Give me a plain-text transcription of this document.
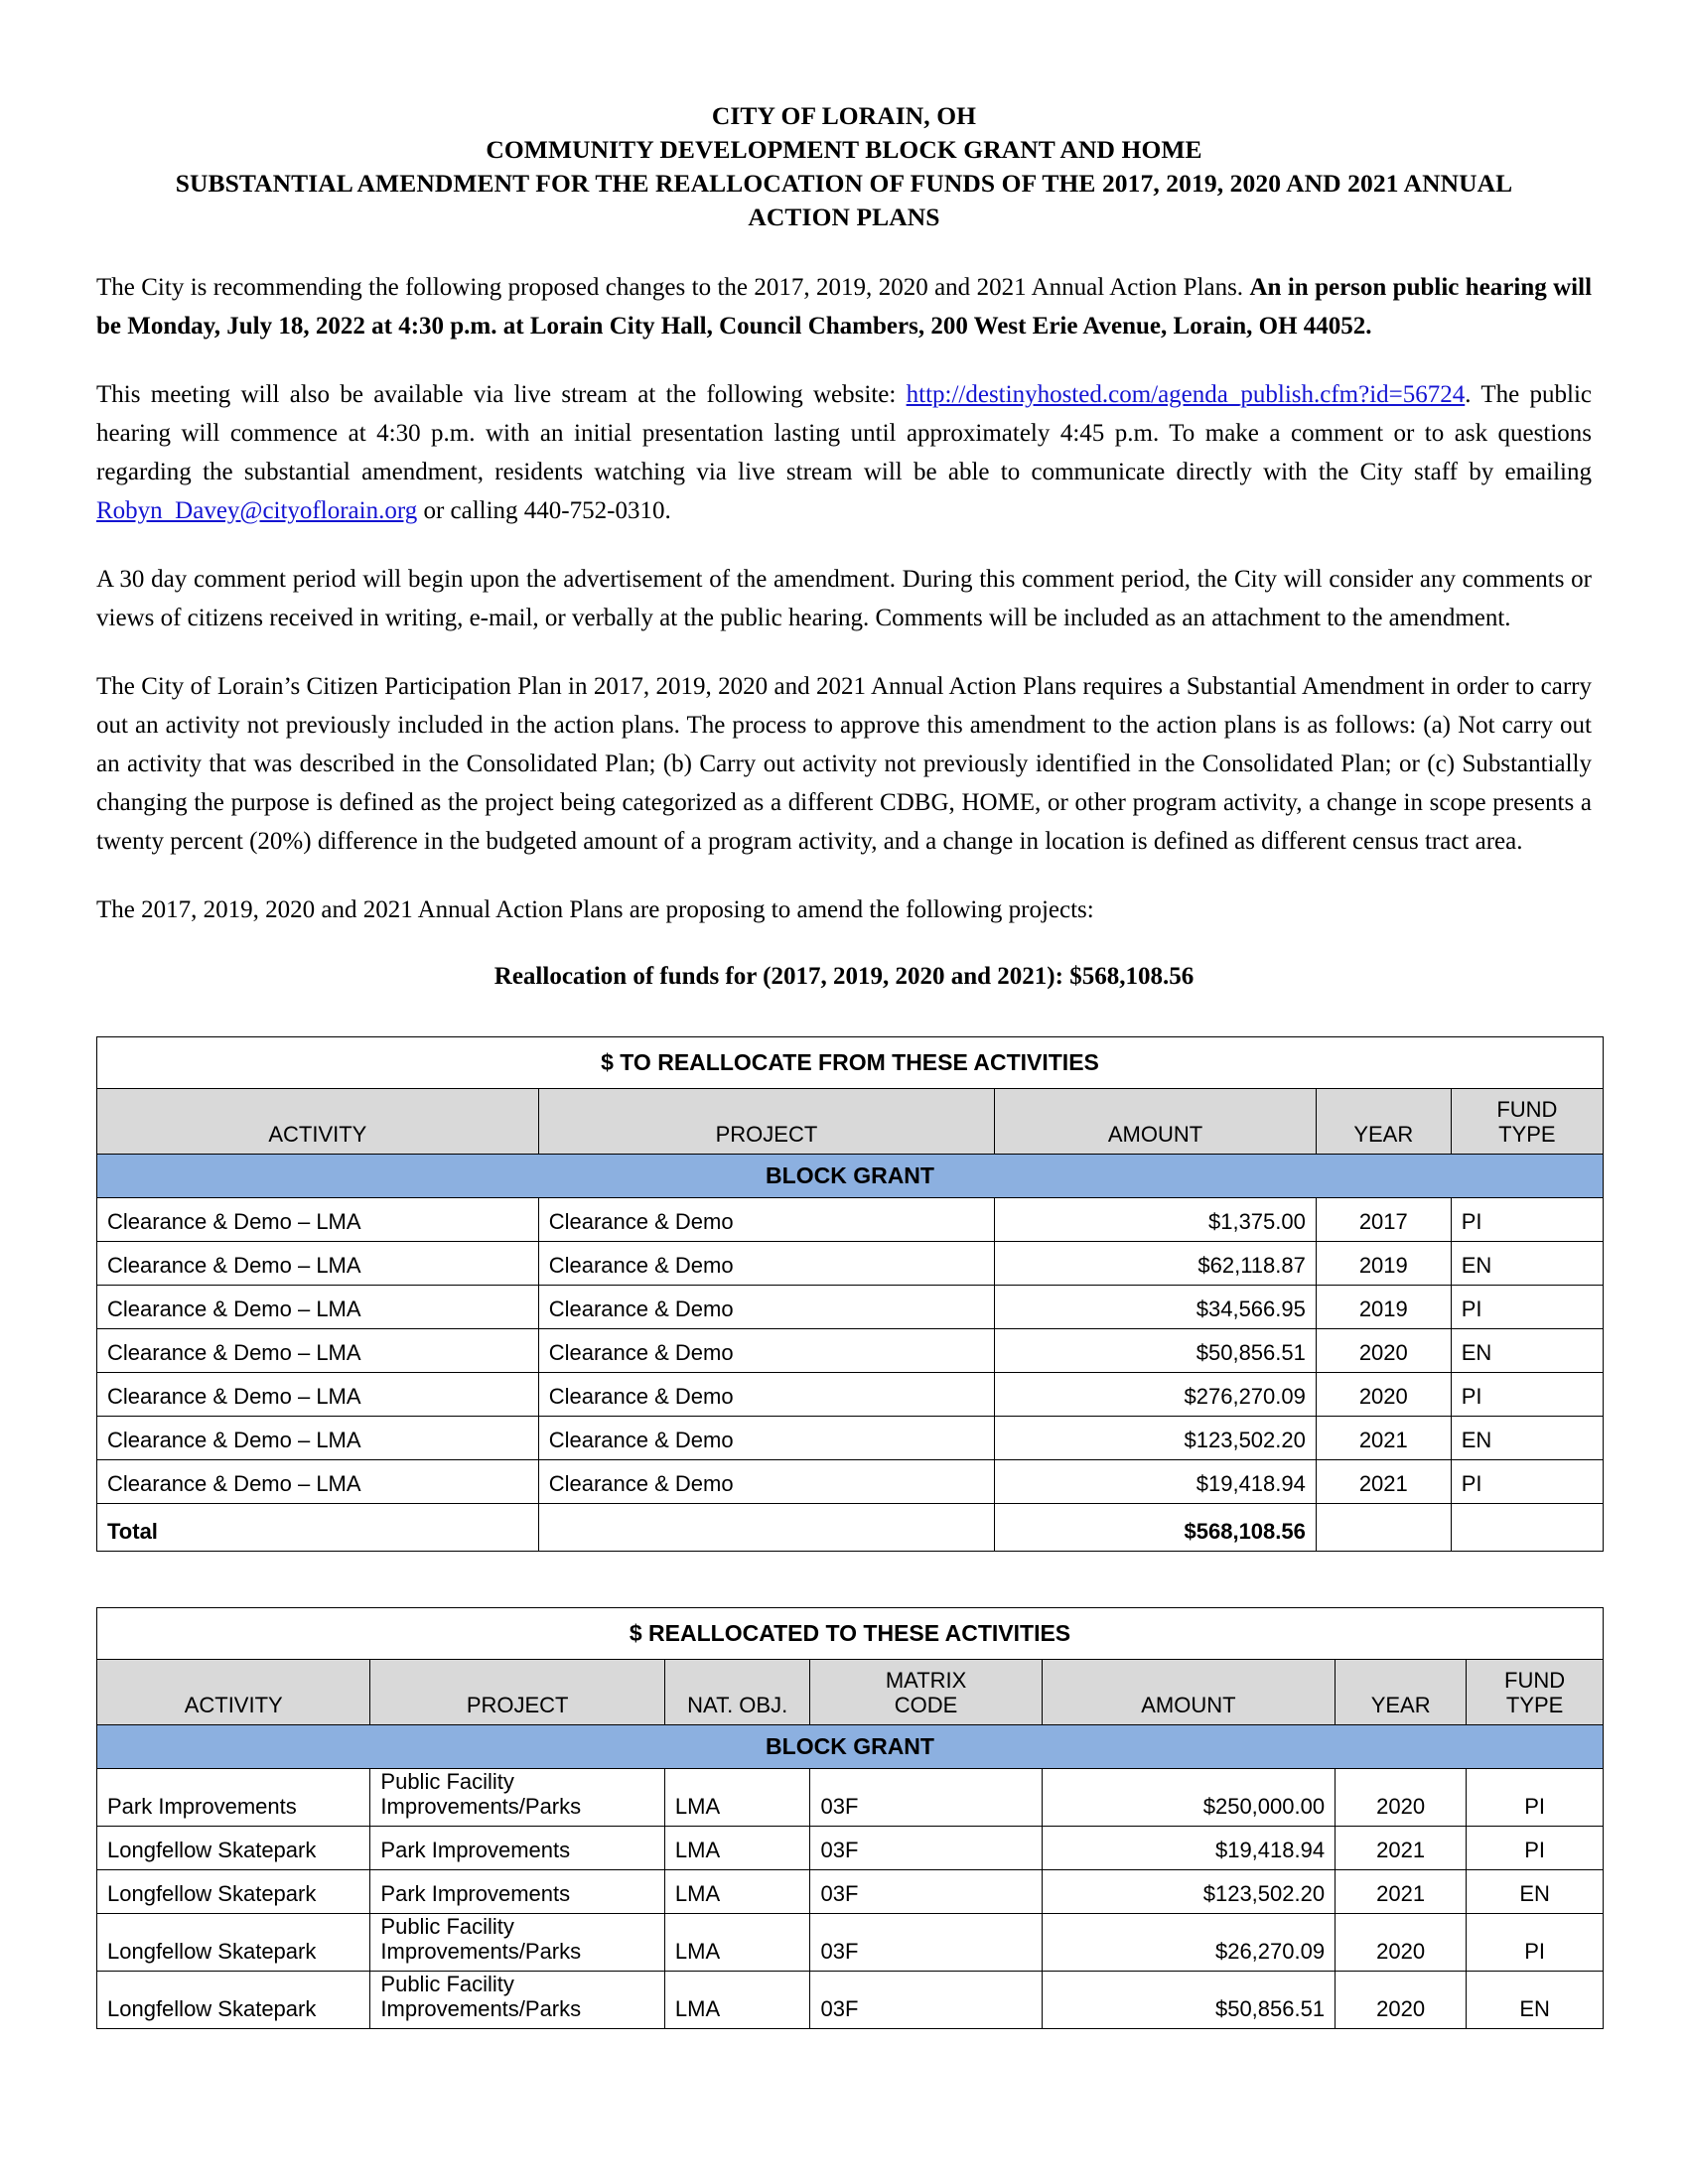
CITY OF LORAIN, OH
COMMUNITY DEVELOPMENT BLOCK GRANT AND HOME
SUBSTANTIAL AMENDMENT FOR THE REALLOCATION OF FUNDS OF THE 2017, 2019, 2020 AND 2021 ANNUAL
ACTION PLANS

The City is recommending the following proposed changes to the 2017, 2019, 2020 and 2021 Annual Action Plans. An in person public hearing will be Monday, July 18, 2022 at 4:30 p.m. at Lorain City Hall, Council Chambers, 200 West Erie Avenue, Lorain, OH 44052.

This meeting will also be available via live stream at the following website: http://destinyhosted.com/agenda_publish.cfm?id=56724. The public hearing will commence at 4:30 p.m. with an initial presentation lasting until approximately 4:45 p.m. To make a comment or to ask questions regarding the substantial amendment, residents watching via live stream will be able to communicate directly with the City staff by emailing Robyn_Davey@cityoflorain.org or calling 440-752-0310.

A 30 day comment period will begin upon the advertisement of the amendment. During this comment period, the City will consider any comments or views of citizens received in writing, e-mail, or verbally at the public hearing. Comments will be included as an attachment to the amendment.

The City of Lorain’s Citizen Participation Plan in 2017, 2019, 2020 and 2021 Annual Action Plans requires a Substantial Amendment in order to carry out an activity not previously included in the action plans. The process to approve this amendment to the action plans is as follows: (a) Not carry out an activity that was described in the Consolidated Plan; (b) Carry out activity not previously identified in the Consolidated Plan; or (c) Substantially changing the purpose is defined as the project being categorized as a different CDBG, HOME, or other program activity, a change in scope presents a twenty percent (20%) difference in the budgeted amount of a program activity, and a change in location is defined as different census tract area.

The 2017, 2019, 2020 and 2021 Annual Action Plans are proposing to amend the following projects:

Reallocation of funds for (2017, 2019, 2020 and 2021): $568,108.56

$ TO REALLOCATE FROM THESE ACTIVITIES				
ACTIVITY	PROJECT	AMOUNT	YEAR	FUND
TYPE

BLOCK GRANT				
Clearance & Demo – LMA	Clearance & Demo	$1,375.00	2017	PI
Clearance & Demo – LMA	Clearance & Demo	$62,118.87	2019	EN
Clearance & Demo – LMA	Clearance & Demo	$34,566.95	2019	PI
Clearance & Demo – LMA	Clearance & Demo	$50,856.51	2020	EN
Clearance & Demo – LMA	Clearance & Demo	$276,270.09	2020	PI
Clearance & Demo – LMA	Clearance & Demo	$123,502.20	2021	EN
Clearance & Demo – LMA	Clearance & Demo	$19,418.94	2021	PI
Total		$568,108.56		
$ REALLOCATED TO THESE ACTIVITIES						
ACTIVITY	PROJECT	NAT. OBJ.	MATRIX
CODE	AMOUNT	YEAR	FUND
TYPE

BLOCK GRANT						
Park Improvements	Public Facility
Improvements/Parks	LMA	03F	$250,000.00	2020	PI
Longfellow Skatepark	Park Improvements	LMA	03F	$19,418.94	2021	PI
Longfellow Skatepark	Park Improvements	LMA	03F	$123,502.20	2021	EN
Longfellow Skatepark	Public Facility
Improvements/Parks	LMA	03F	$26,270.09	2020	PI
Longfellow Skatepark	Public Facility
Improvements/Parks	LMA	03F	$50,856.51	2020	EN
